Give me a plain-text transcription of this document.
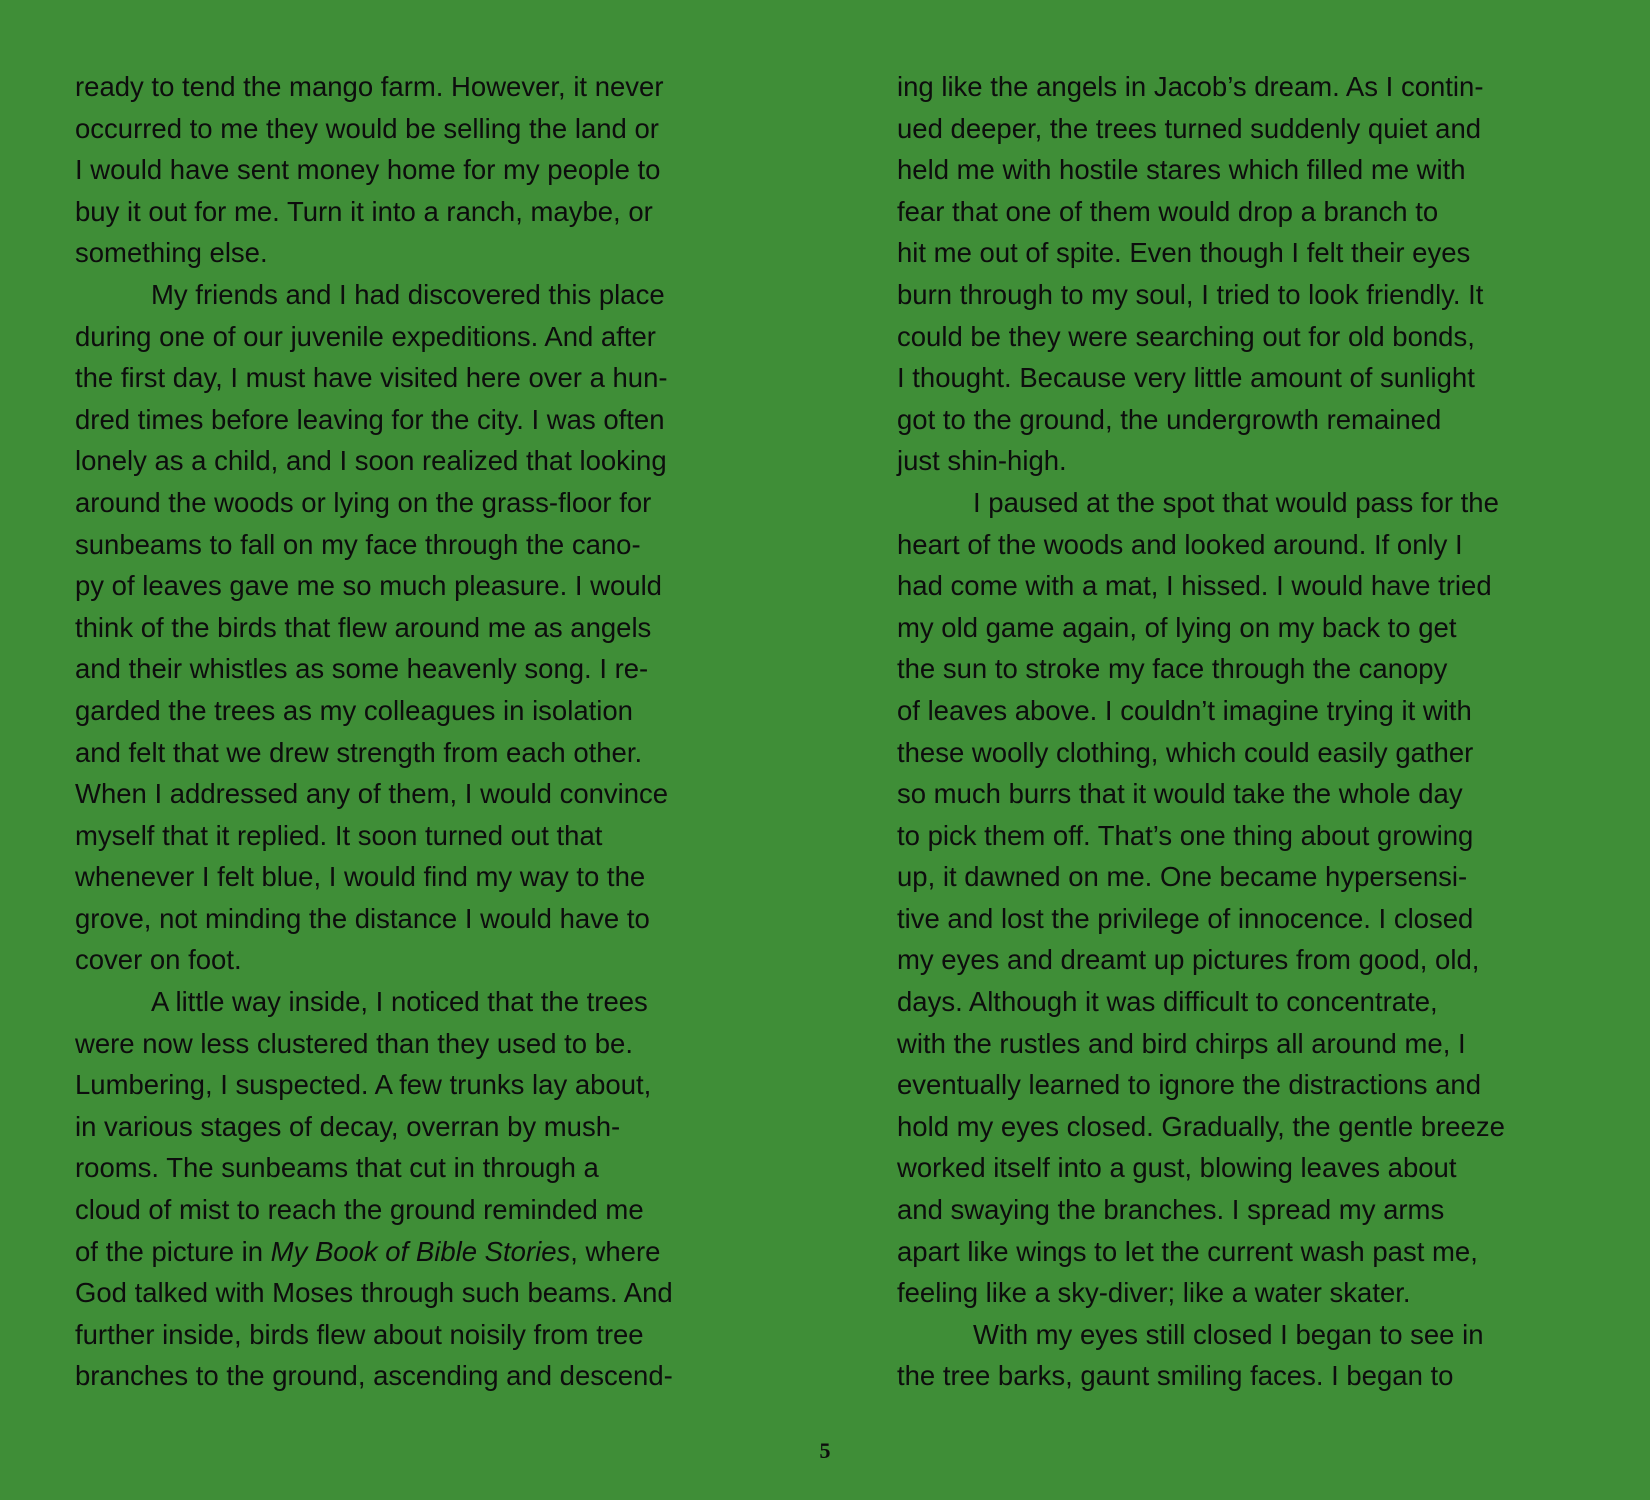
ready to tend the mango farm. However, it never
occurred to me they would be selling the land or
I would have sent money home for my people to
buy it out for me. Turn it into a ranch, maybe, or
something else.
My friends and I had discovered this place
during one of our juvenile expeditions. And after
the first day, I must have visited here over a hun-
dred times before leaving for the city. I was often
lonely as a child, and I soon realized that looking
around the woods or lying on the grass-floor for
sunbeams to fall on my face through the cano-
py of leaves gave me so much pleasure. I would
think of the birds that flew around me as angels
and their whistles as some heavenly song. I re-
garded the trees as my colleagues in isolation
and felt that we drew strength from each other.
When I addressed any of them, I would convince
myself that it replied. It soon turned out that
whenever I felt blue, I would find my way to the
grove, not minding the distance I would have to
cover on foot.
A little way inside, I noticed that the trees
were now less clustered than they used to be.
Lumbering, I suspected. A few trunks lay about,
in various stages of decay, overran by mush-
rooms. The sunbeams that cut in through a
cloud of mist to reach the ground reminded me
of the picture in My Book of Bible Stories, where
God talked with Moses through such beams. And
further inside, birds flew about noisily from tree
branches to the ground, ascending and descend-
ing like the angels in Jacob’s dream. As I contin-
ued deeper, the trees turned suddenly quiet and
held me with hostile stares which filled me with
fear that one of them would drop a branch to
hit me out of spite. Even though I felt their eyes
burn through to my soul, I tried to look friendly. It
could be they were searching out for old bonds,
I thought. Because very little amount of sunlight
got to the ground, the undergrowth remained
just shin-high.
I paused at the spot that would pass for the
heart of the woods and looked around. If only I
had come with a mat, I hissed. I would have tried
my old game again, of lying on my back to get
the sun to stroke my face through the canopy
of leaves above. I couldn’t imagine trying it with
these woolly clothing, which could easily gather
so much burrs that it would take the whole day
to pick them off. That’s one thing about growing
up, it dawned on me. One became hypersensi-
tive and lost the privilege of innocence. I closed
my eyes and dreamt up pictures from good, old,
days. Although it was difficult to concentrate,
with the rustles and bird chirps all around me, I
eventually learned to ignore the distractions and
hold my eyes closed. Gradually, the gentle breeze
worked itself into a gust, blowing leaves about
and swaying the branches. I spread my arms
apart like wings to let the current wash past me,
feeling like a sky-diver; like a water skater.
With my eyes still closed I began to see in
the tree barks, gaunt smiling faces. I began to
5
